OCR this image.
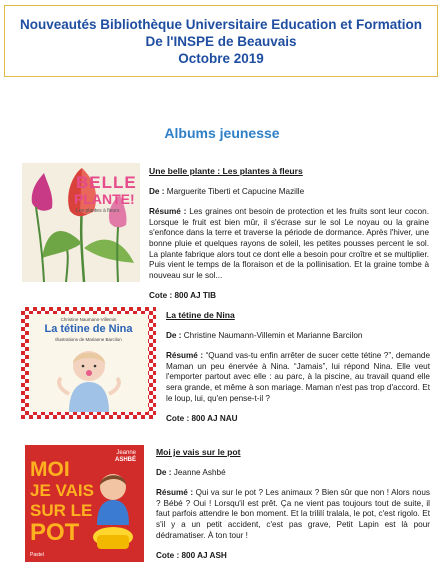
Nouveautés Bibliothèque Universitaire Education et Formation
De l'INSPE de Beauvais
Octobre 2019
Albums jeunesse
BELLE
PLANTE!
Les plantes à fleurs
Une belle plante : Les plantes à fleurs
De : Marguerite Tiberti et Capucine Mazille
Résumé : Les graines ont besoin de protection et les fruits sont leur cocon. Lorsque le fruit est bien mûr, il s'écrase sur le sol Le noyau ou la graine s'enfonce dans la terre et traverse la période de dormance. Après l'hiver, une bonne pluie et quelques rayons de soleil, les petites pousses percent le sol. La plante fabrique alors tout ce dont elle a besoin pour croître et se multiplier. Puis vient le temps de la floraison et de la pollinisation. Et la graine tombe à nouveau sur le sol...
Cote : 800 AJ TIB
Christine Naumann-Villemin
La tétine de Nina
Illustrations de Marianne Barcilon
La tétine de Nina
De : Christine Naumann-Villemin et Marianne Barcilon
Résumé : “Quand vas-tu enfin arrêter de sucer cette tétine ?”, demande Maman un peu énervée à Nina. “Jamais”, lui répond Nina. Elle veut l'emporter partout avec elle : au parc, à la piscine, au travail quand elle sera grande, et même à son mariage. Maman n'est pas trop d'accord. Et le loup, lui, qu'en pense-t-il ?
Cote : 800 AJ NAU
Jeanne
ASHBÉ
MOI
JE VAIS
SUR LE
POT
Pastel
Moi je vais sur le pot
De : Jeanne Ashbé
Résumé : Qui va sur le pot ? Les animaux ? Bien sûr que non ! Alors nous ? Bébé ? Oui ! Lorsqu'il est prêt. Ça ne vient pas toujours tout de suite, il faut parfois attendre le bon moment. Et la trililí tralala, le pot, c'est rigolo. Et s'il y a un petit accident, c'est pas grave, Petit Lapin est là pour dédramatiser. À ton tour !
Cote : 800 AJ ASH
